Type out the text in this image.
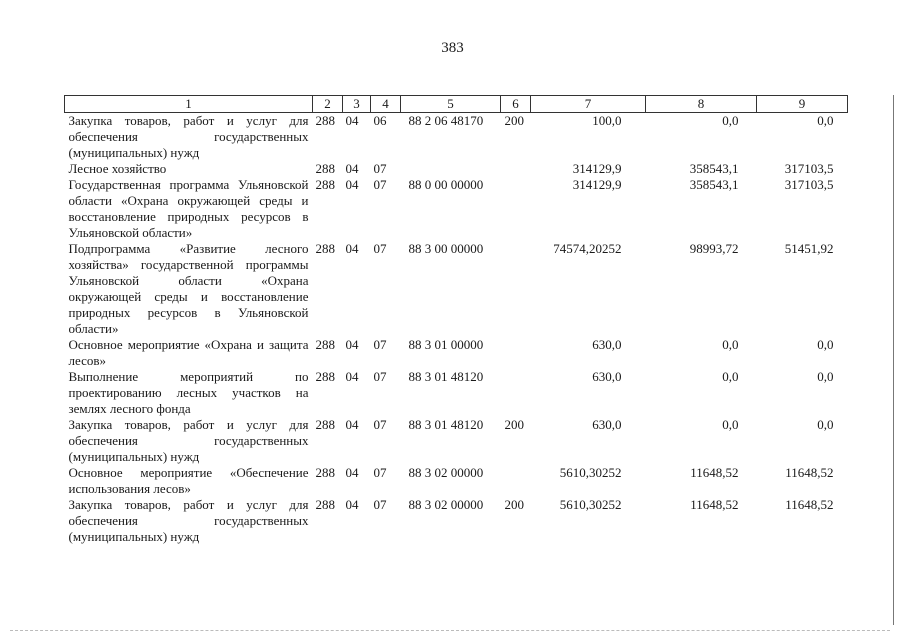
383
1	2	3	4	5	6	7	8	9
Закупка товаров, работ и услуг для обеспечения государственных (муниципальных) нужд	288	04	06	88 2 06 48170	200	100,0	0,0	0,0
Лесное хозяйство	288	04	07			314129,9	358543,1	317103,5
Государственная программа Ульяновской области «Охрана окружающей среды и восстановление природных ресурсов в Ульяновской области»	288	04	07	88 0 00 00000		314129,9	358543,1	317103,5
Подпрограмма «Развитие лесного хозяйства» государственной программы Ульяновской области «Охрана окружающей среды и восстановление природных ресурсов в Ульяновской области»	288	04	07	88 3 00 00000		74574,20252	98993,72	51451,92
Основное мероприятие «Охрана и защита лесов»	288	04	07	88 3 01 00000		630,0	0,0	0,0
Выполнение мероприятий по проектированию лесных участков на землях лесного фонда	288	04	07	88 3 01 48120		630,0	0,0	0,0
Закупка товаров, работ и услуг для обеспечения государственных (муниципальных) нужд	288	04	07	88 3 01 48120	200	630,0	0,0	0,0
Основное мероприятие «Обеспечение использования лесов»	288	04	07	88 3 02 00000		5610,30252	11648,52	11648,52
Закупка товаров, работ и услуг для обеспечения государственных (муниципальных) нужд	288	04	07	88 3 02 00000	200	5610,30252	11648,52	11648,52
